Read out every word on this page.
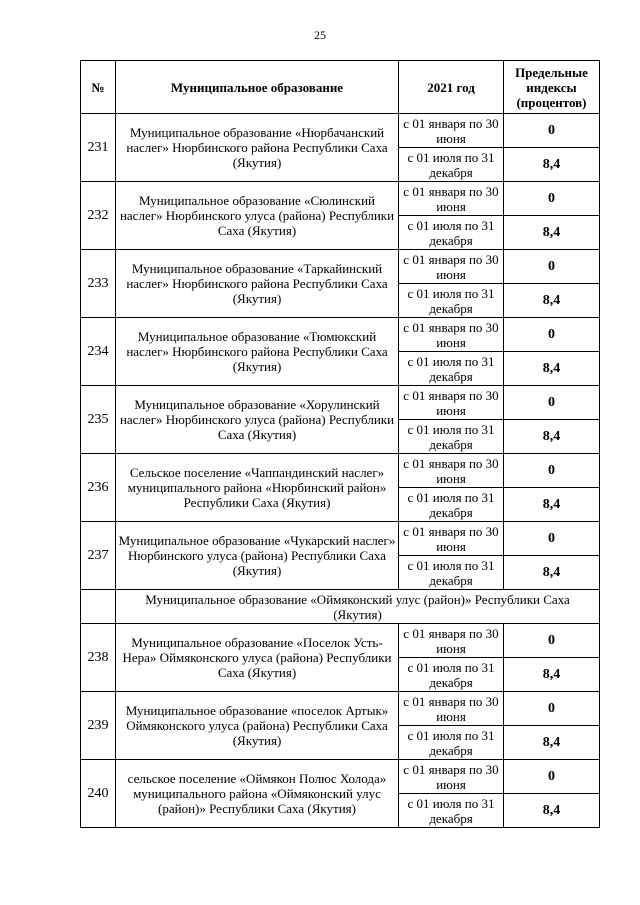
25
№	Муниципальное образование	2021 год	Предельные индексы (процентов)
231	Муниципальное образование «Нюрбачанский наслег» Нюрбинского района Республики Саха (Якутия)	с 01 января по 30 июня	0
		с 01 июля по 31 декабря	8,4
232	Муниципальное образование «Сюлинский наслег» Нюрбинского улуса (района) Республики Саха (Якутия)	с 01 января по 30 июня	0
		с 01 июля по 31 декабря	8,4
233	Муниципальное образование «Таркайинский наслег» Нюрбинского района Республики Саха (Якутия)	с 01 января по 30 июня	0
		с 01 июля по 31 декабря	8,4
234	Муниципальное образование «Тюмюкский наслег» Нюрбинского района Республики Саха (Якутия)	с 01 января по 30 июня	0
		с 01 июля по 31 декабря	8,4
235	Муниципальное образование «Хорулинский наслег» Нюрбинского улуса (района) Республики Саха (Якутия)	с 01 января по 30 июня	0
		с 01 июля по 31 декабря	8,4
236	Сельское поселение «Чаппандинский наслег» муниципального района «Нюрбинский район» Республики Саха (Якутия)	с 01 января по 30 июня	0
		с 01 июля по 31 декабря	8,4
237	Муниципальное образование «Чукарский наслег» Нюрбинского улуса (района) Республики Саха (Якутия)	с 01 января по 30 июня	0
		с 01 июля по 31 декабря	8,4
	Муниципальное образование «Оймяконский улус (район)» Республики Саха (Якутия)		
238	Муниципальное образование «Поселок Усть-Нера» Оймяконского улуса (района) Республики Саха (Якутия)	с 01 января по 30 июня	0
		с 01 июля по 31 декабря	8,4
239	Муниципальное образование «поселок Артык» Оймяконского улуса (района) Республики Саха (Якутия)	с 01 января по 30 июня	0
		с 01 июля по 31 декабря	8,4
240	сельское поселение «Оймякон Полюс Холода» муниципального района «Оймяконский улус (район)» Республики Саха (Якутия)	с 01 января по 30 июня	0
		с 01 июля по 31 декабря	8,4
